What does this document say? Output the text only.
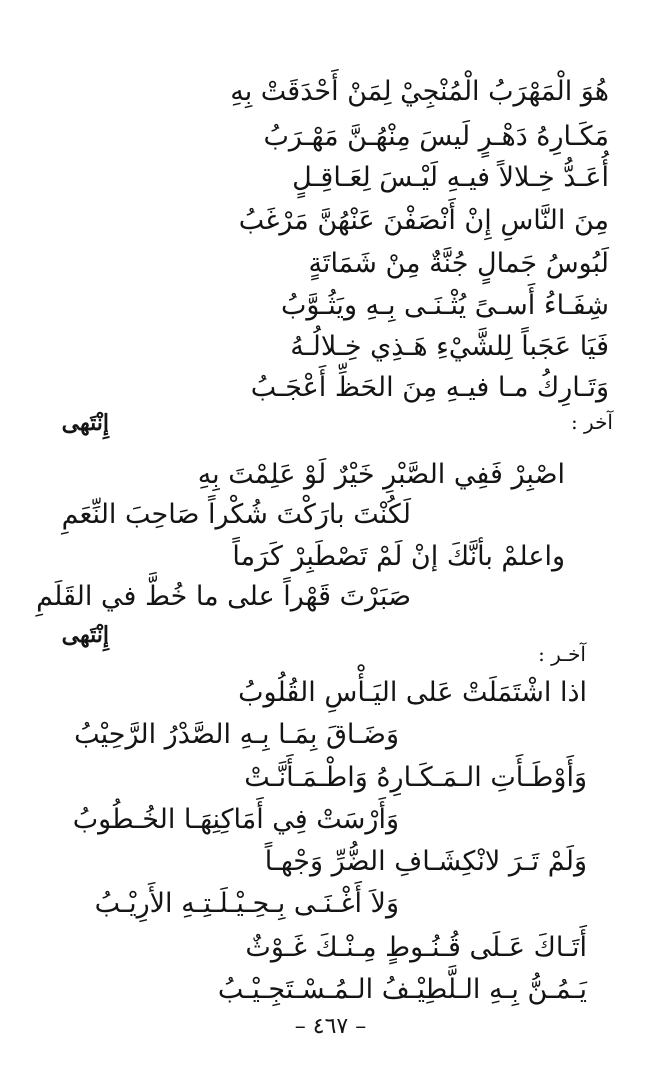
هُوَ الْمَهْرَبُ الْمُنْجِيْ لِمَنْ أَحْدَقَتْ بِهِ
مَكَـارِهُ دَهْـرٍ لَيسَ مِنْهُـنَّ مَهْـرَبُ
أُعَـدُّ خِـلالاً فيـهِ لَيْـسَ لِعَـاقِـلٍ
مِنَ النَّاسِ إِنْ أَنْصَفْنَ عَنْهُنَّ مَرْغَبُ
لَبُوسُ جَمالٍ جُنَّةٌ مِنْ شَمَاتَةٍ
شِفَـاءُ أَسـىً يُثْـنَـى بِـهِ ويَثُـوَّبُ
فَيَا عَجَباً لِلشَّيْءِ هَـذِي خِـلالُـهُ
وَتَـارِكُ مـا فيـهِ مِنَ الحَظِّ أَعْجَـبُ
آخر :
إِنْتَهى
اصْبِرْ فَفِي الصَّبْرِ خَيْرٌ لَوْ عَلِمْتَ بِهِ
لَكُنْتَ بارَكْتَ شُكْراً صَاحِبَ النِّعَمِ
واعلمْ بأنَّكَ إنْ لَمْ تَصْطَبِرْ كَرَماً
صَبَرْتَ قَهْراً على ما خُطَّ في القَلَمِ
إِنْتَهى
آخـر :
اذا اشْتَمَلَتْ عَلى اليَـأْسِ القُلُوبُ
وَضَـاقَ بِمَـا بِـهِ الصَّدْرُ الرَّحِيْبُ
وَأَوْطَـأَتِ الـمَـكَـارِهُ وَاطْـمَـأَنَّـتْ
وَأَرْسَتْ فِي أَمَاكِنِهَـا الخُـطُوبُ
وَلَمْ تَـرَ لانْكِشَـافِ الضُّرِّ وَجْهـاً
وَلاَ أَغْـنَـى بِـحِـيْـلَـتِـهِ الأَرِيْـبُ
أَتَـاكَ عَـلَى قُـنُـوطٍ مِـنْـكَ غَـوْثٌ
يَـمُـنُّ بِـهِ الـلَّطِيْـفُ الـمُـسْـتَجِـيْـبُ
– ٤٦٧ –
